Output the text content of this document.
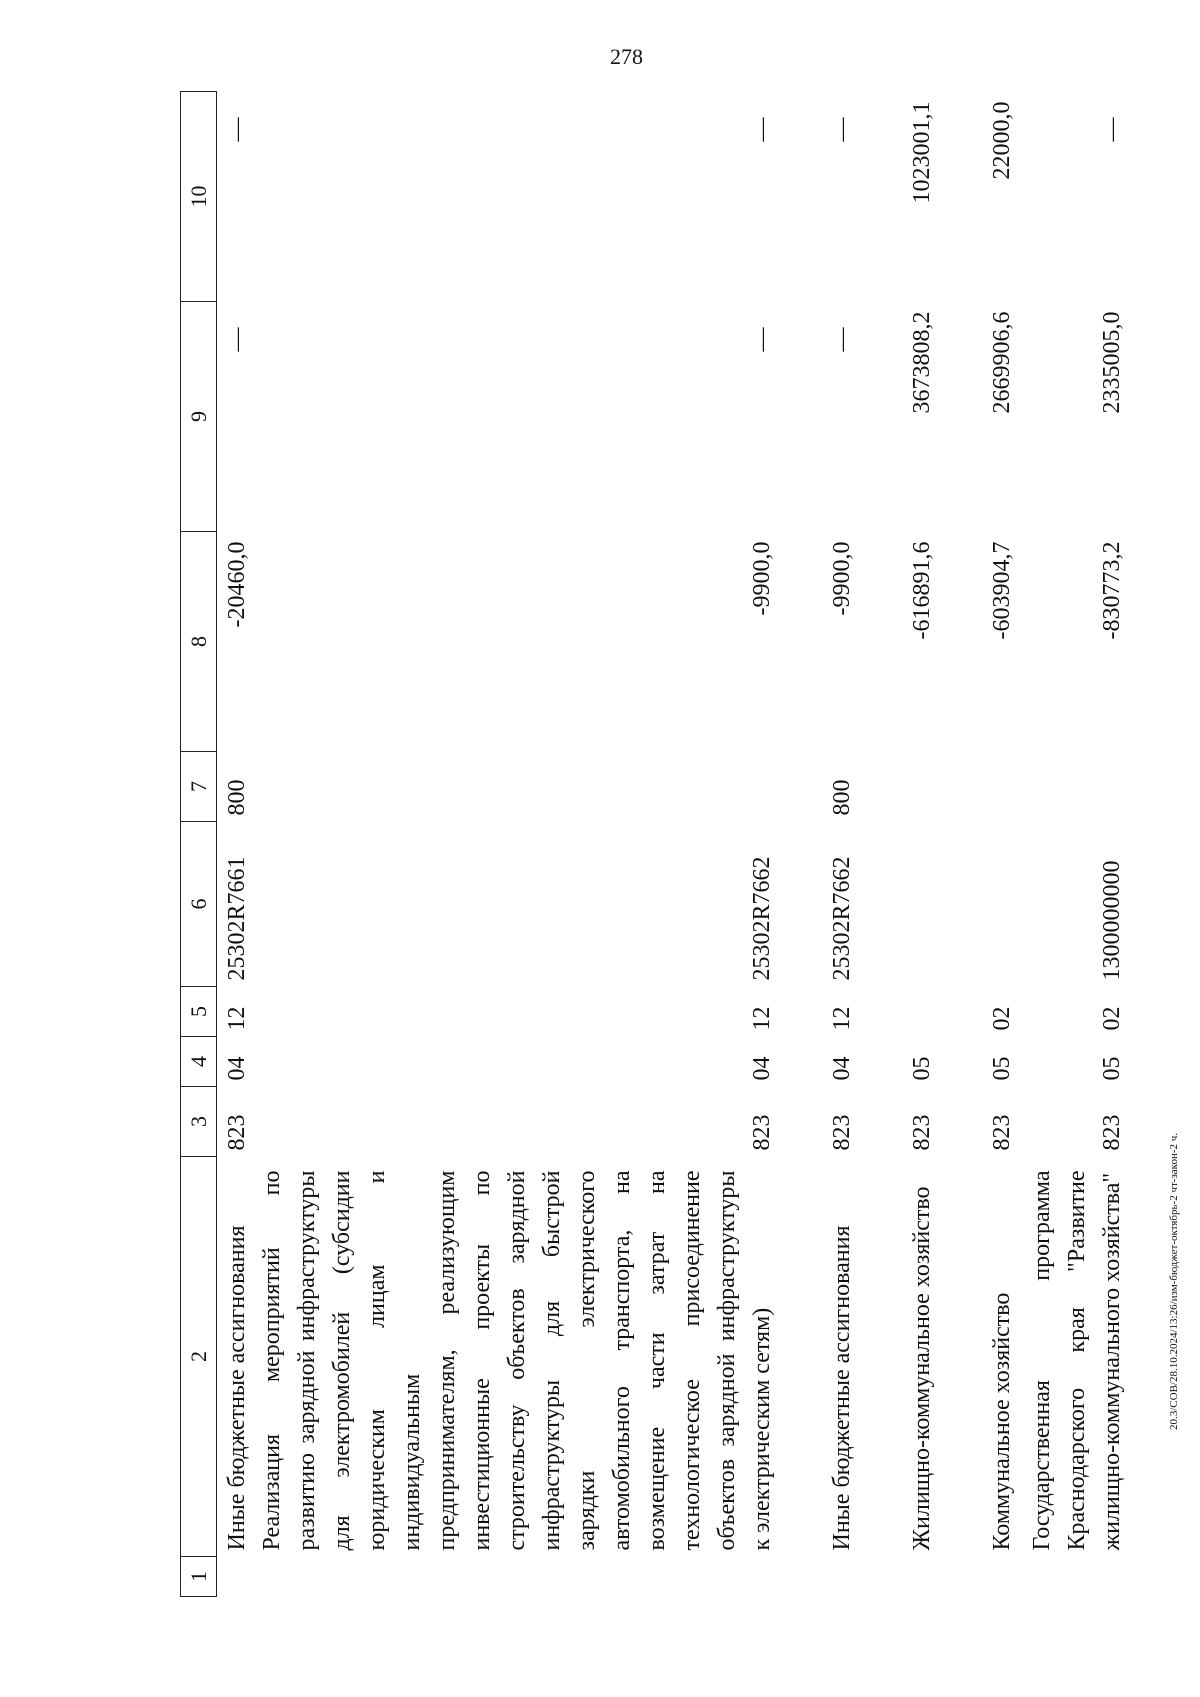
278
1	2	3	4	5	6	7	8	9	10
	Иные бюджетные ассигнования	823	04	12	25302R7661	800	-20460,0	—	—
	Реализация мероприятий по развитию зарядной инфраструктуры для электромобилей (субсидии юридическим лицам и индивидуальным предпринимателям, реализующим инвестиционные проекты по строительству объектов зарядной инфраструктуры для быстрой зарядки электрического автомобильного транспорта, на возмещение части затрат на технологическое присоединение объектов зарядной инфраструктуры к электрическим сетям)	823	04	12	25302R7662		-9900,0	—	—
	Иные бюджетные ассигнования	823	04	12	25302R7662	800	-9900,0	—	—
	Жилищно-коммунальное хозяйство	823	05				-616891,6	3673808,2	1023001,1
	Коммунальное хозяйство	823	05	02			-603904,7	2669906,6	22000,0
	Государственная программа Краснодарского края "Развитие жилищно-коммунального хозяйства"	823	05	02	1300000000		-830773,2	2335005,0	—
20.3/СОВ/28.10.2024/13:26/изм-бюджет-октябрь-2 чт-закон-2 ч.
